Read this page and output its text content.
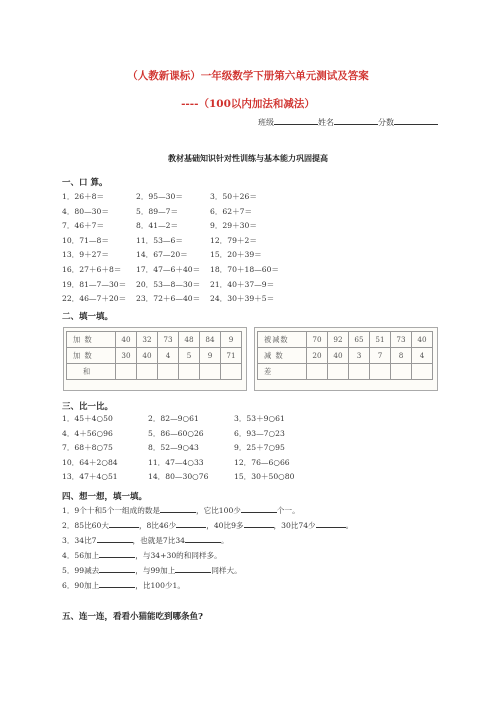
（人教新课标）一年级数学下册第六单元测试及答案
----（100以内加法和减法）
班级	姓名	分数
教材基础知识针对性训练与基本能力巩固提高
一、口 算。
1．26＋8＝	2．95—30＝	3．50＋26＝
4．80—30＝	5．89—7＝	6．62＋7＝
7．46＋7＝	8．41—2＝	9．29＋30＝
10．71—8＝	11．53—6＝	12．79＋2＝
13．9＋27＝	14．67—20＝	15．20＋39＝
16．27＋6＋8＝ 17．47—6＋40＝ 18．70＋18—60＝
19．81—7—30＝ 20．53—8—30＝ 21．40＋37—9＝
22．46—7＋20＝ 23．72＋6—40＝ 24．30＋39＋5＝
二、填一填。
加 数	40	32	73	48	84	9
加 数	30	40	4	5	9	71
和						
被减数	70	92	65	51	73	40
减 数	20	40	3	7	8	4
差						
三、比一比。
1．45＋4○50	2．82—9○61	3．53＋9○61
4．4＋56○96	5．86—60○26	6．93—7○23
7．68＋8○75	8．52—9○43	9．25＋7○95
10．64＋2○84	11．47—4○33	12．76—6○66
13．47＋4○51	14．80—30○76	15．30＋50○80
四、想一想，填一填。
1．9个十和5个一组成的数是	，它比100少	个一。
2．85比60大	，8比46少	，40比9多	，30比74少	。
3．34比7	，也就是7比34	。
4．56加上	，与34+30的和同样多。
5．99减去	，与99加上	同样大。
6．90加上	，比100少1。
五、连一连，看看小猫能吃到哪条鱼?
